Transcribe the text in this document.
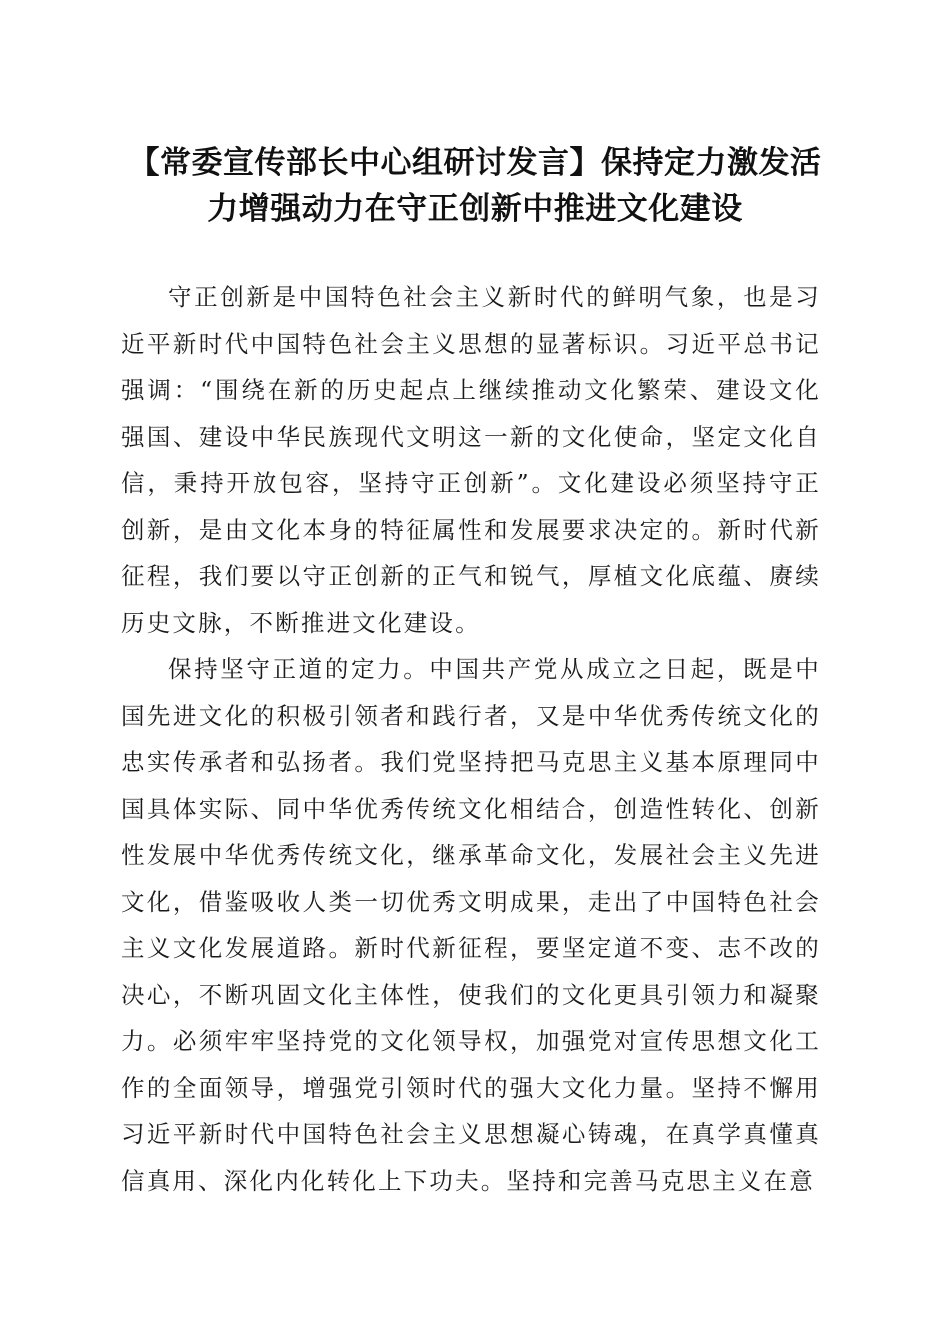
【常委宣传部长中心组研讨发言】保持定力激发活力增强动力在守正创新中推进文化建设

守正创新是中国特色社会主义新时代的鲜明气象，也是习近平新时代中国特色社会主义思想的显著标识。习近平总书记强调：“围绕在新的历史起点上继续推动文化繁荣、建设文化强国、建设中华民族现代文明这一新的文化使命，坚定文化自信，秉持开放包容，坚持守正创新”。文化建设必须坚持守正创新，是由文化本身的特征属性和发展要求决定的。新时代新征程，我们要以守正创新的正气和锐气，厚植文化底蕴、赓续历史文脉，不断推进文化建设。

保持坚守正道的定力。中国共产党从成立之日起，既是中国先进文化的积极引领者和践行者，又是中华优秀传统文化的忠实传承者和弘扬者。我们党坚持把马克思主义基本原理同中国具体实际、同中华优秀传统文化相结合，创造性转化、创新性发展中华优秀传统文化，继承革命文化，发展社会主义先进文化，借鉴吸收人类一切优秀文明成果，走出了中国特色社会主义文化发展道路。新时代新征程，要坚定道不变、志不改的决心，不断巩固文化主体性，使我们的文化更具引领力和凝聚力。必须牢牢坚持党的文化领导权，加强党对宣传思想文化工作的全面领导，增强党引领时代的强大文化力量。坚持不懈用习近平新时代中国特色社会主义思想凝心铸魂，在真学真懂真信真用、深化内化转化上下功夫。坚持和完善马克思主义在意
